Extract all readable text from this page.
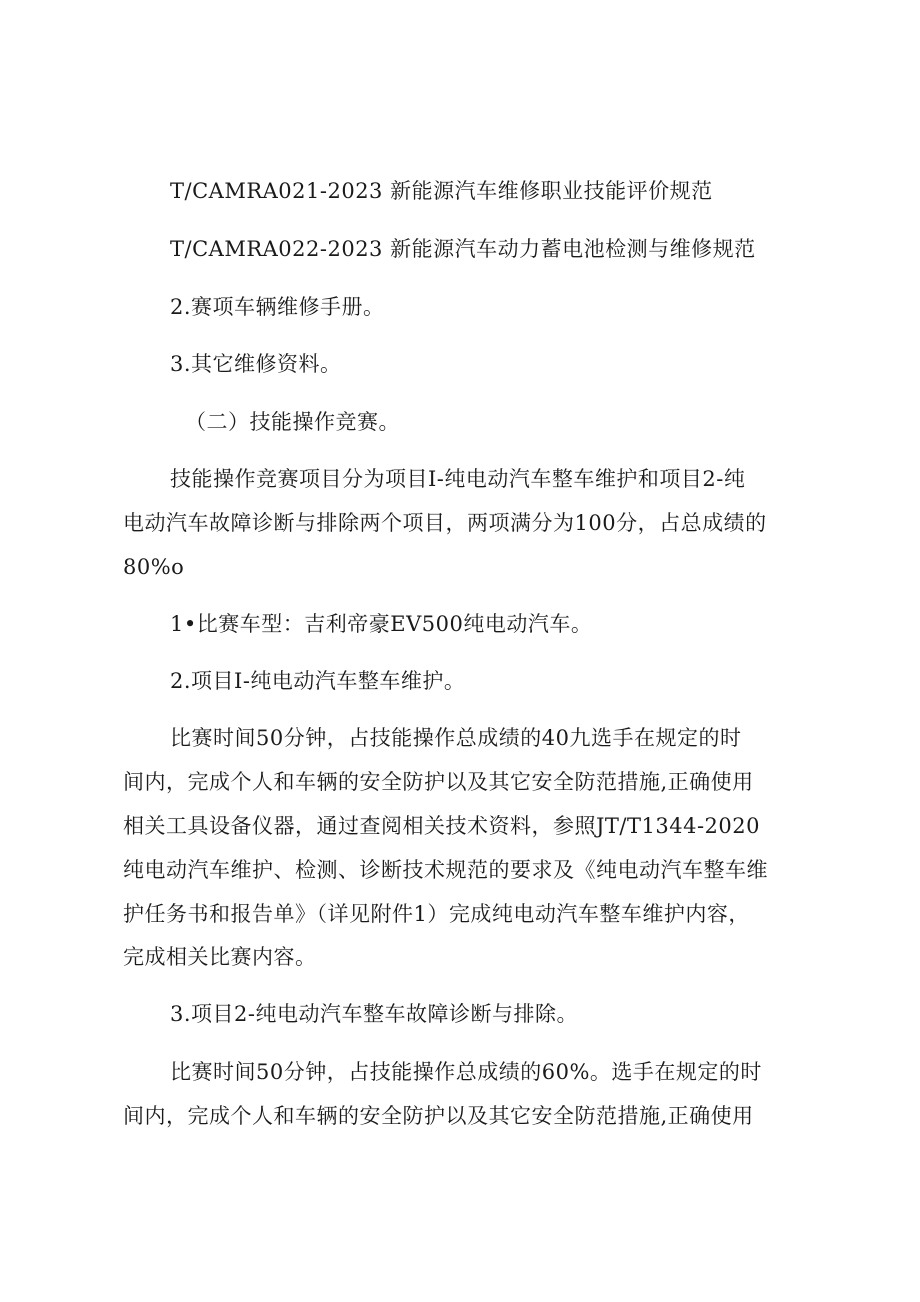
T/CAMRA021-2023 新能源汽车维修职业技能评价规范
T/CAMRA022-2023 新能源汽车动力蓄电池检测与维修规范
2.赛项车辆维修手册。
3.其它维修资料。
（二）技能操作竞赛。
技能操作竞赛项目分为项目I-纯电动汽车整车维护和项目2-纯
电动汽车故障诊断与排除两个项目，两项满分为100分，占总成绩的
80%o
1•比赛车型：吉利帝豪EV500纯电动汽车。
2.项目I-纯电动汽车整车维护。
比赛时间50分钟，占技能操作总成绩的40九选手在规定的时
间内，完成个人和车辆的安全防护以及其它安全防范措施,正确使用
相关工具设备仪器，通过查阅相关技术资料，参照JT/T1344-2020
纯电动汽车维护、检测、诊断技术规范的要求及《纯电动汽车整车维
护任务书和报告单》（详见附件1）完成纯电动汽车整车维护内容，
完成相关比赛内容。
3.项目2-纯电动汽车整车故障诊断与排除。
比赛时间50分钟，占技能操作总成绩的60%。选手在规定的时
间内，完成个人和车辆的安全防护以及其它安全防范措施,正确使用
